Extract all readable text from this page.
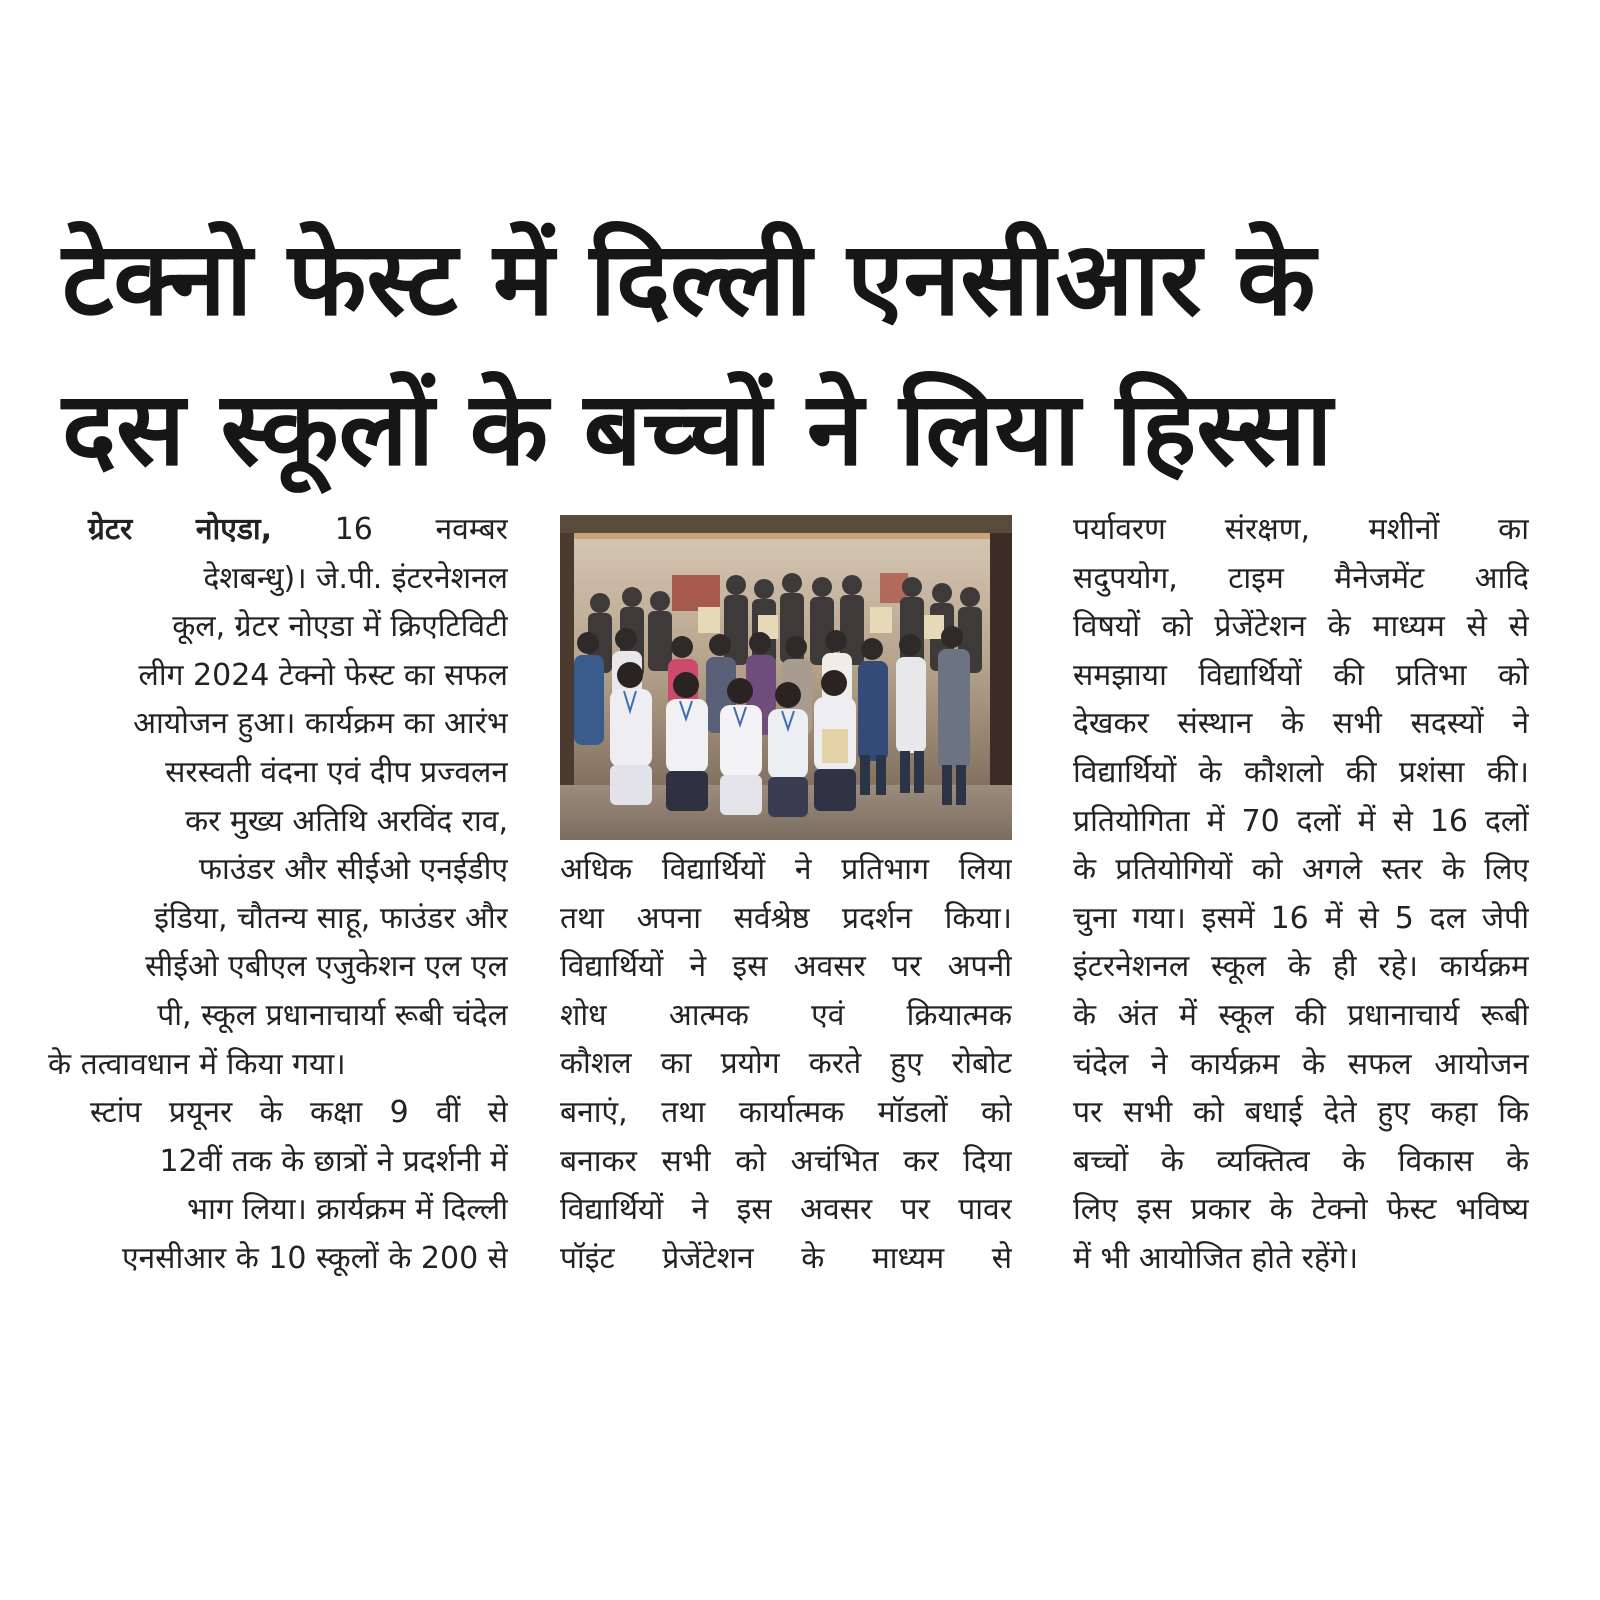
टेक्नो फेस्ट में दिल्ली एनसीआर के
दस स्कूलों के बच्चों ने लिया हिस्सा
ग्रेटर नोएडा, 16 नवम्बर
देशबन्धु)। जे.पी. इंटरनेशनल
कूल, ग्रेटर नोएडा में क्रिएटिविटी
लीग 2024 टेक्नो फेस्ट का सफल
आयोजन हुआ। कार्यक्रम का आरंभ
सरस्वती वंदना एवं दीप प्रज्वलन
कर मुख्य अतिथि अरविंद राव,
फाउंडर और सीईओ एनईडीए
इंडिया, चौतन्य साहू, फाउंडर और
सीईओ एबीएल एजुकेशन एल एल
पी, स्कूल प्रधानाचार्या रूबी चंदेल
के तत्वावधान में किया गया।
स्टांप प्रयूनर के कक्षा 9 वीं से
12वीं तक के छात्रों ने प्रदर्शनी में
भाग लिया। क्रार्यक्रम में दिल्ली
एनसीआर के 10 स्कूलों के 200 से
अधिक विद्यार्थियों ने प्रतिभाग लिया
तथा अपना सर्वश्रेष्ठ प्रदर्शन किया।
विद्यार्थियों ने इस अवसर पर अपनी
शोध आत्मक एवं क्रियात्मक
कौशल का प्रयोग करते हुए रोबोट
बनाएं, तथा कार्यात्मक मॉडलों को
बनाकर सभी को अचंभित कर दिया
विद्यार्थियों ने इस अवसर पर पावर
पॉइंट प्रेजेंटेशन के माध्यम से
पर्यावरण संरक्षण, मशीनों का
सदुपयोग, टाइम मैनेजमेंट आदि
विषयों को प्रेजेंटेशन के माध्यम से से
समझाया विद्यार्थियों की प्रतिभा को
देखकर संस्थान के सभी सदस्यों ने
विद्यार्थियों के कौशलो की प्रशंसा की।
प्रतियोगिता में 70 दलों में से 16 दलों
के प्रतियोगियों को अगले स्तर के लिए
चुना गया। इसमें 16 में से 5 दल जेपी
इंटरनेशनल स्कूल के ही रहे। कार्यक्रम
के अंत में स्कूल की प्रधानाचार्य रूबी
चंदेल ने कार्यक्रम के सफल आयोजन
पर सभी को बधाई देते हुए कहा कि
बच्चों के व्यक्तित्व के विकास के
लिए इस प्रकार के टेक्नो फेस्ट भविष्य
में भी आयोजित होते रहेंगे।
